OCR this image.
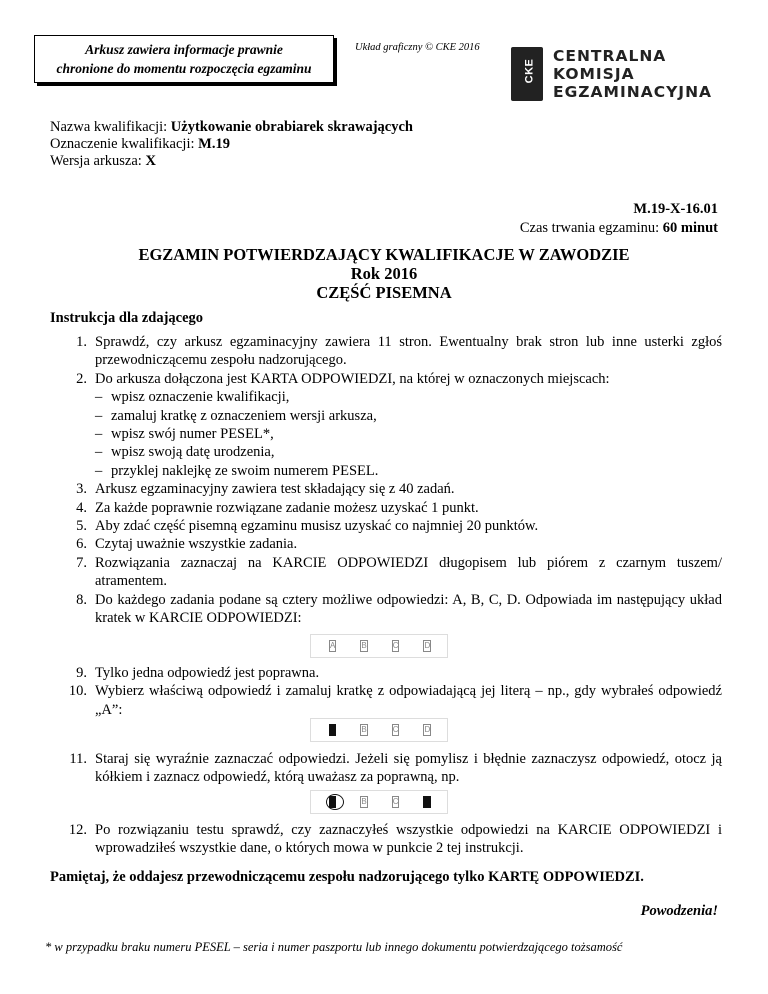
Arkusz zawiera informacje prawnie
chronione do momentu rozpoczęcia egzaminu
Układ graficzny © CKE 2016
CKE
CENTRALNA
KOMISJA
EGZAMINACYJNA
Nazwa kwalifikacji: Użytkowanie obrabiarek skrawających
Oznaczenie kwalifikacji: M.19
Wersja arkusza: X
M.19-X-16.01
Czas trwania egzaminu: 60 minut
EGZAMIN POTWIERDZAJĄCY KWALIFIKACJE W ZAWODZIE
Rok 2016
CZĘŚĆ PISEMNA
Instrukcja dla zdającego
1. Sprawdź, czy arkusz egzaminacyjny zawiera 11 stron. Ewentualny brak stron lub inne usterki zgłoś przewodniczącemu zespołu nadzorującego.
2. Do arkusza dołączona jest KARTA ODPOWIEDZI, na której w oznaczonych miejscach:
– wpisz oznaczenie kwalifikacji,
– zamaluj kratkę z oznaczeniem wersji arkusza,
– wpisz swój numer PESEL*,
– wpisz swoją datę urodzenia,
– przyklej naklejkę ze swoim numerem PESEL.
3. Arkusz egzaminacyjny zawiera test składający się z 40 zadań.
4. Za każde poprawnie rozwiązane zadanie możesz uzyskać 1 punkt.
5. Aby zdać część pisemną egzaminu musisz uzyskać co najmniej 20 punktów.
6. Czytaj uważnie wszystkie zadania.
7. Rozwiązania zaznaczaj na KARCIE ODPOWIEDZI długopisem lub piórem z czarnym tuszem/ atramentem.
8. Do każdego zadania podane są cztery możliwe odpowiedzi: A, B, C, D. Odpowiada im następujący układ kratek w KARCIE ODPOWIEDZI:
A	B	C	D
9. Tylko jedna odpowiedź jest poprawna.
10. Wybierz właściwą odpowiedź i zamaluj kratkę z odpowiadającą jej literą – np., gdy wybrałeś odpowiedź „A”:
A	B	C	D
11. Staraj się wyraźnie zaznaczać odpowiedzi. Jeżeli się pomylisz i błędnie zaznaczysz odpowiedź, otocz ją kółkiem i zaznacz odpowiedź, którą uważasz za poprawną, np.
A	B	C	D
12. Po rozwiązaniu testu sprawdź, czy zaznaczyłeś wszystkie odpowiedzi na KARCIE ODPOWIEDZI i wprowadziłeś wszystkie dane, o których mowa w punkcie 2 tej instrukcji.
Pamiętaj, że oddajesz przewodniczącemu zespołu nadzorującego tylko KARTĘ ODPOWIEDZI.
Powodzenia!
* w przypadku braku numeru PESEL – seria i numer paszportu lub innego dokumentu potwierdzającego tożsamość
